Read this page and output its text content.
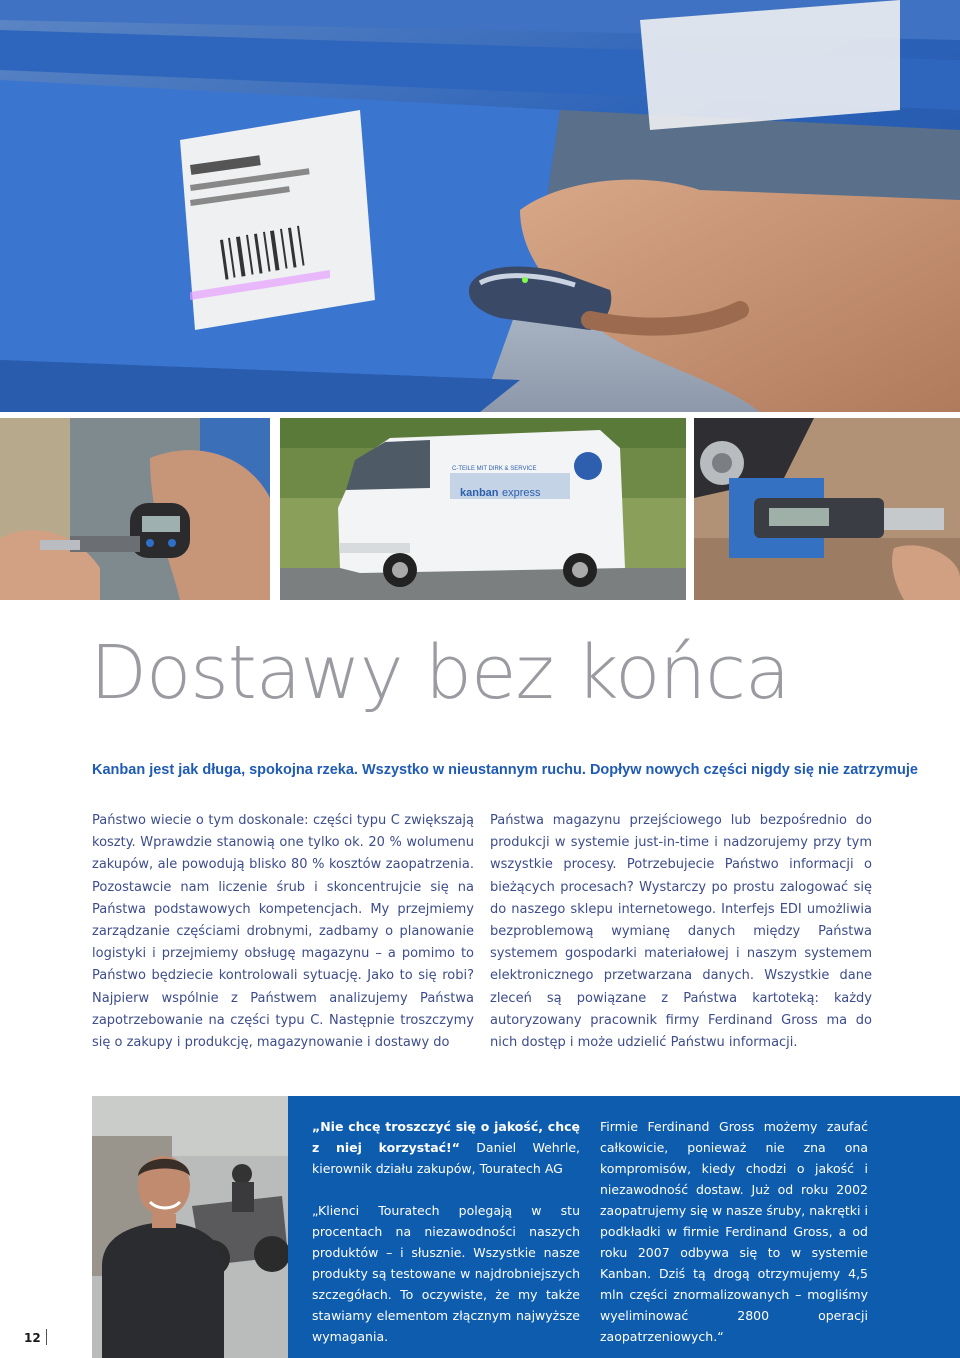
kanban express
C-TEILE MIT DIRK & SERVICE
Dostawy bez końca

Kanban jest jak długa, spokojna rzeka. Wszystko w nieustannym ruchu. Dopływ nowych części nigdy się nie zatrzymuje

Państwo wiecie o tym doskonale: części typu C zwiększają koszty. Wprawdzie stanowią one tylko ok. 20 % wolumenu zakupów, ale powodują blisko 80 % kosztów zaopatrzenia. Pozostawcie nam liczenie śrub i skoncentrujcie się na Państwa podstawowych kompetencjach. My przejmiemy zarządzanie częściami drobnymi, zadbamy o planowanie logistyki i przejmiemy obsługę magazynu – a pomimo to Państwo będziecie kontrolowali sytuację. Jako to się robi? Najpierw wspólnie z Państwem analizujemy Państwa zapotrzebowanie na części typu C. Następnie troszczymy się o zakupy i produkcję, magazynowanie i dostawy do

Państwa magazynu przejściowego lub bezpośrednio do produkcji w systemie just-in-time i nadzorujemy przy tym wszystkie procesy. Potrzebujecie Państwo informacji o bieżących procesach? Wystarczy po prostu zalogować się do naszego sklepu internetowego. Interfejs EDI umożliwia bezproblemową wymianę danych między Państwa systemem gospodarki materiałowej i naszym systemem elektronicznego przetwarzana danych. Wszystkie dane zleceń są powiązane z Państwa kartoteką: każdy autoryzowany pracownik firmy Ferdinand Gross ma do nich dostęp i może udzielić Państwu informacji.

„Nie chcę troszczyć się o jakość, chcę z niej korzystać!“ Daniel Wehrle, kierownik działu zakupów, Touratech AG

„Klienci Touratech polegają w stu procentach na niezawodności naszych produktów – i słusznie. Wszystkie nasze produkty są testowane w najdrobniejszych szczegółach. To oczywiste, że my także stawiamy elementom złącznym najwyższe wymagania.

Firmie Ferdinand Gross możemy zaufać całkowicie, ponieważ nie zna ona kompromisów, kiedy chodzi o jakość i niezawodność dostaw. Już od roku 2002 zaopatrujemy się w nasze śruby, nakrętki i podkładki w firmie Ferdinand Gross, a od roku 2007 odbywa się to w systemie Kanban. Dziś tą drogą otrzymujemy 4,5 mln części znormalizowanych – mogliśmy wyeliminować 2800 operacji zaopatrzeniowych.“

12
